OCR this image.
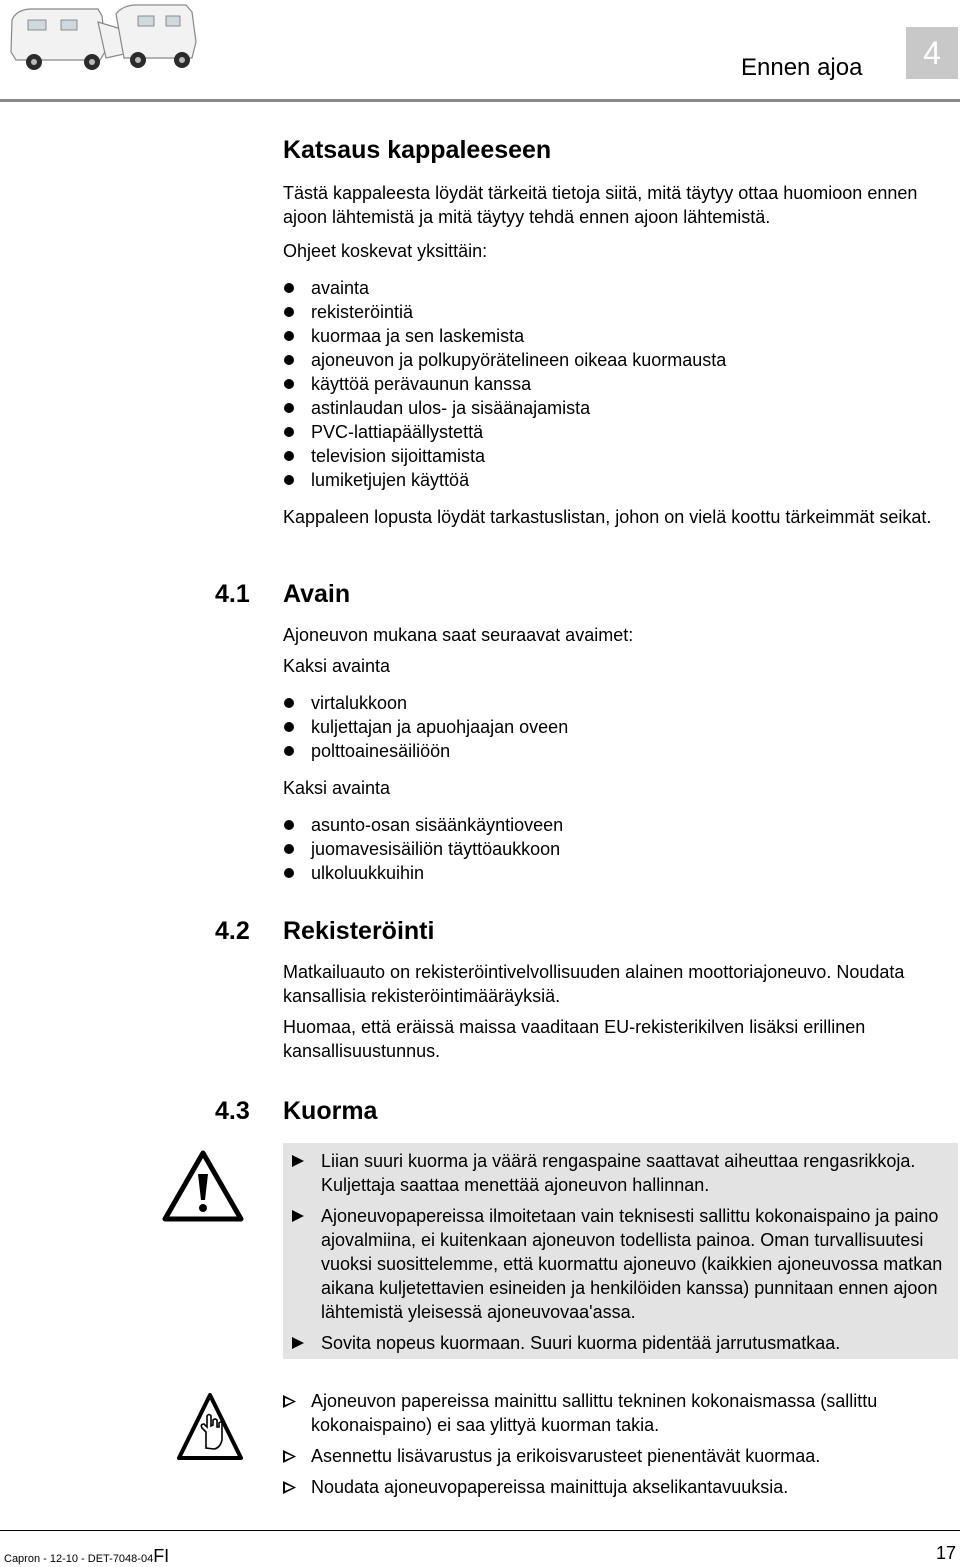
Ennen ajoa	4
Katsaus kappaleeseen

Tästä kappaleesta löydät tärkeitä tietoja siitä, mitä täytyy ottaa huomioon ennen ajoon lähtemistä ja mitä täytyy tehdä ennen ajoon lähtemistä.

Ohjeet koskevat yksittäin:

avainta
rekisteröintiä
kuormaa ja sen laskemista
ajoneuvon ja polkupyörätelineen oikeaa kuormausta
käyttöä perävaunun kanssa
astinlaudan ulos- ja sisäänajamista
PVC-lattiapäällystettä
television sijoittamista
lumiketjujen käyttöä

Kappaleen lopusta löydät tarkastuslistan, johon on vielä koottu tärkeimmät seikat.

4.1 Avain

Ajoneuvon mukana saat seuraavat avaimet:

Kaksi avainta

virtalukkoon
kuljettajan ja apuohjaajan oveen
polttoainesäiliöön

Kaksi avainta

asunto-osan sisäänkäyntioveen
juomavesisäiliön täyttöaukkoon
ulkoluukkuihin
4.2 Rekisteröinti

Matkailuauto on rekisteröintivelvollisuuden alainen moottoriajoneuvo. Noudata kansallisia rekisteröintimääräyksiä.

Huomaa, että eräissä maissa vaaditaan EU-rekisterikilven lisäksi erillinen kansallisuustunnus.

4.3 Kuorma
Liian suuri kuorma ja väärä rengaspaine saattavat aiheuttaa rengasrikkoja. Kuljettaja saattaa menettää ajoneuvon hallinnan.
Ajoneuvopapereissa ilmoitetaan vain teknisesti sallittu kokonaispaino ja paino ajovalmiina, ei kuitenkaan ajoneuvon todellista painoa. Oman turvallisuutesi vuoksi suosittelemme, että kuormattu ajoneuvo (kaikkien ajoneuvossa matkan aikana kuljetettavien esineiden ja henkilöiden kanssa) punnitaan ennen ajoon lähtemistä yleisessä ajoneuvovaa'assa.
Sovita nopeus kuormaan. Suuri kuorma pidentää jarrutusmatkaa.
Ajoneuvon papereissa mainittu sallittu tekninen kokonaismassa (sallittu kokonaispaino) ei saa ylittyä kuorman takia.
Asennettu lisävarustus ja erikoisvarusteet pienentävät kuormaa.
Noudata ajoneuvopapereissa mainittuja akselikantavuuksia.
Capron - 12-10 - DET-7048-04FI	17
